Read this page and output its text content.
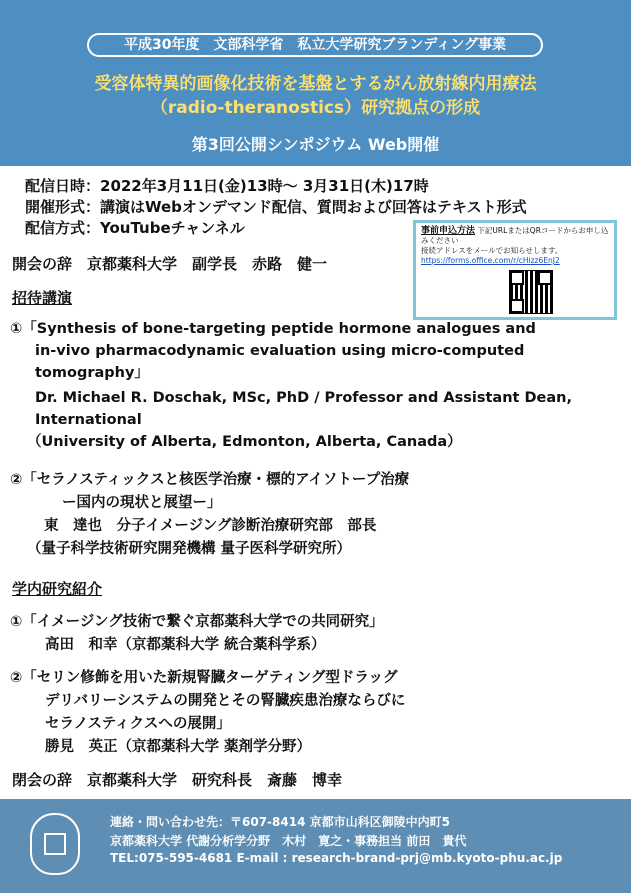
平成30年度　文部科学省　私立大学研究ブランディング事業
受容体特異的画像化技術を基盤とするがん放射線内用療法
（radio-theranostics）研究拠点の形成
第3回公開シンポジウム Web開催
配信日時：2022年3月11日(金)13時～ 3月31日(木)17時
開催形式：講演はWebオンデマンド配信、質問および回答はテキスト形式
配信方式：YouTubeチャンネル	事前申込方法 下記URLまたはQRコードからお申し込みください
接続アドレスをメールでお知らせします。
https://forms.office.com/r/cHizz6EnJ2
開会の辞　京都薬科大学　副学長　赤路　健一
招待講演
①「Synthesis of bone-targeting peptide hormone analogues and
in-vivo pharmacodynamic evaluation using micro-computed
tomography」
Dr. Michael R. Doschak, MSc, PhD / Professor and Assistant Dean,
International
（University of Alberta, Edmonton, Alberta, Canada）
②「セラノスティックスと核医学治療・標的アイソトープ治療
ー国内の現状と展望ー」
東　達也　分子イメージング診断治療研究部　部長
（量子科学技術研究開発機構 量子医科学研究所）
学内研究紹介
①「イメージング技術で繋ぐ京都薬科大学での共同研究」
高田　和幸（京都薬科大学 統合薬科学系）
②「セリン修飾を用いた新規腎臓ターゲティング型ドラッグ
デリバリーシステムの開発とその腎臓疾患治療ならびに
セラノスティクスへの展開」
勝見　英正（京都薬科大学 薬剤学分野）
閉会の辞　京都薬科大学　研究科長　斎藤　博幸
連絡・問い合わせ先：〒607-8414 京都市山科区御陵中内町5
京都薬科大学 代謝分析学分野　木村　寛之・事務担当 前田　貴代
TEL:075-595-4681 E-mail : research-brand-prj@mb.kyoto-phu.ac.jp
